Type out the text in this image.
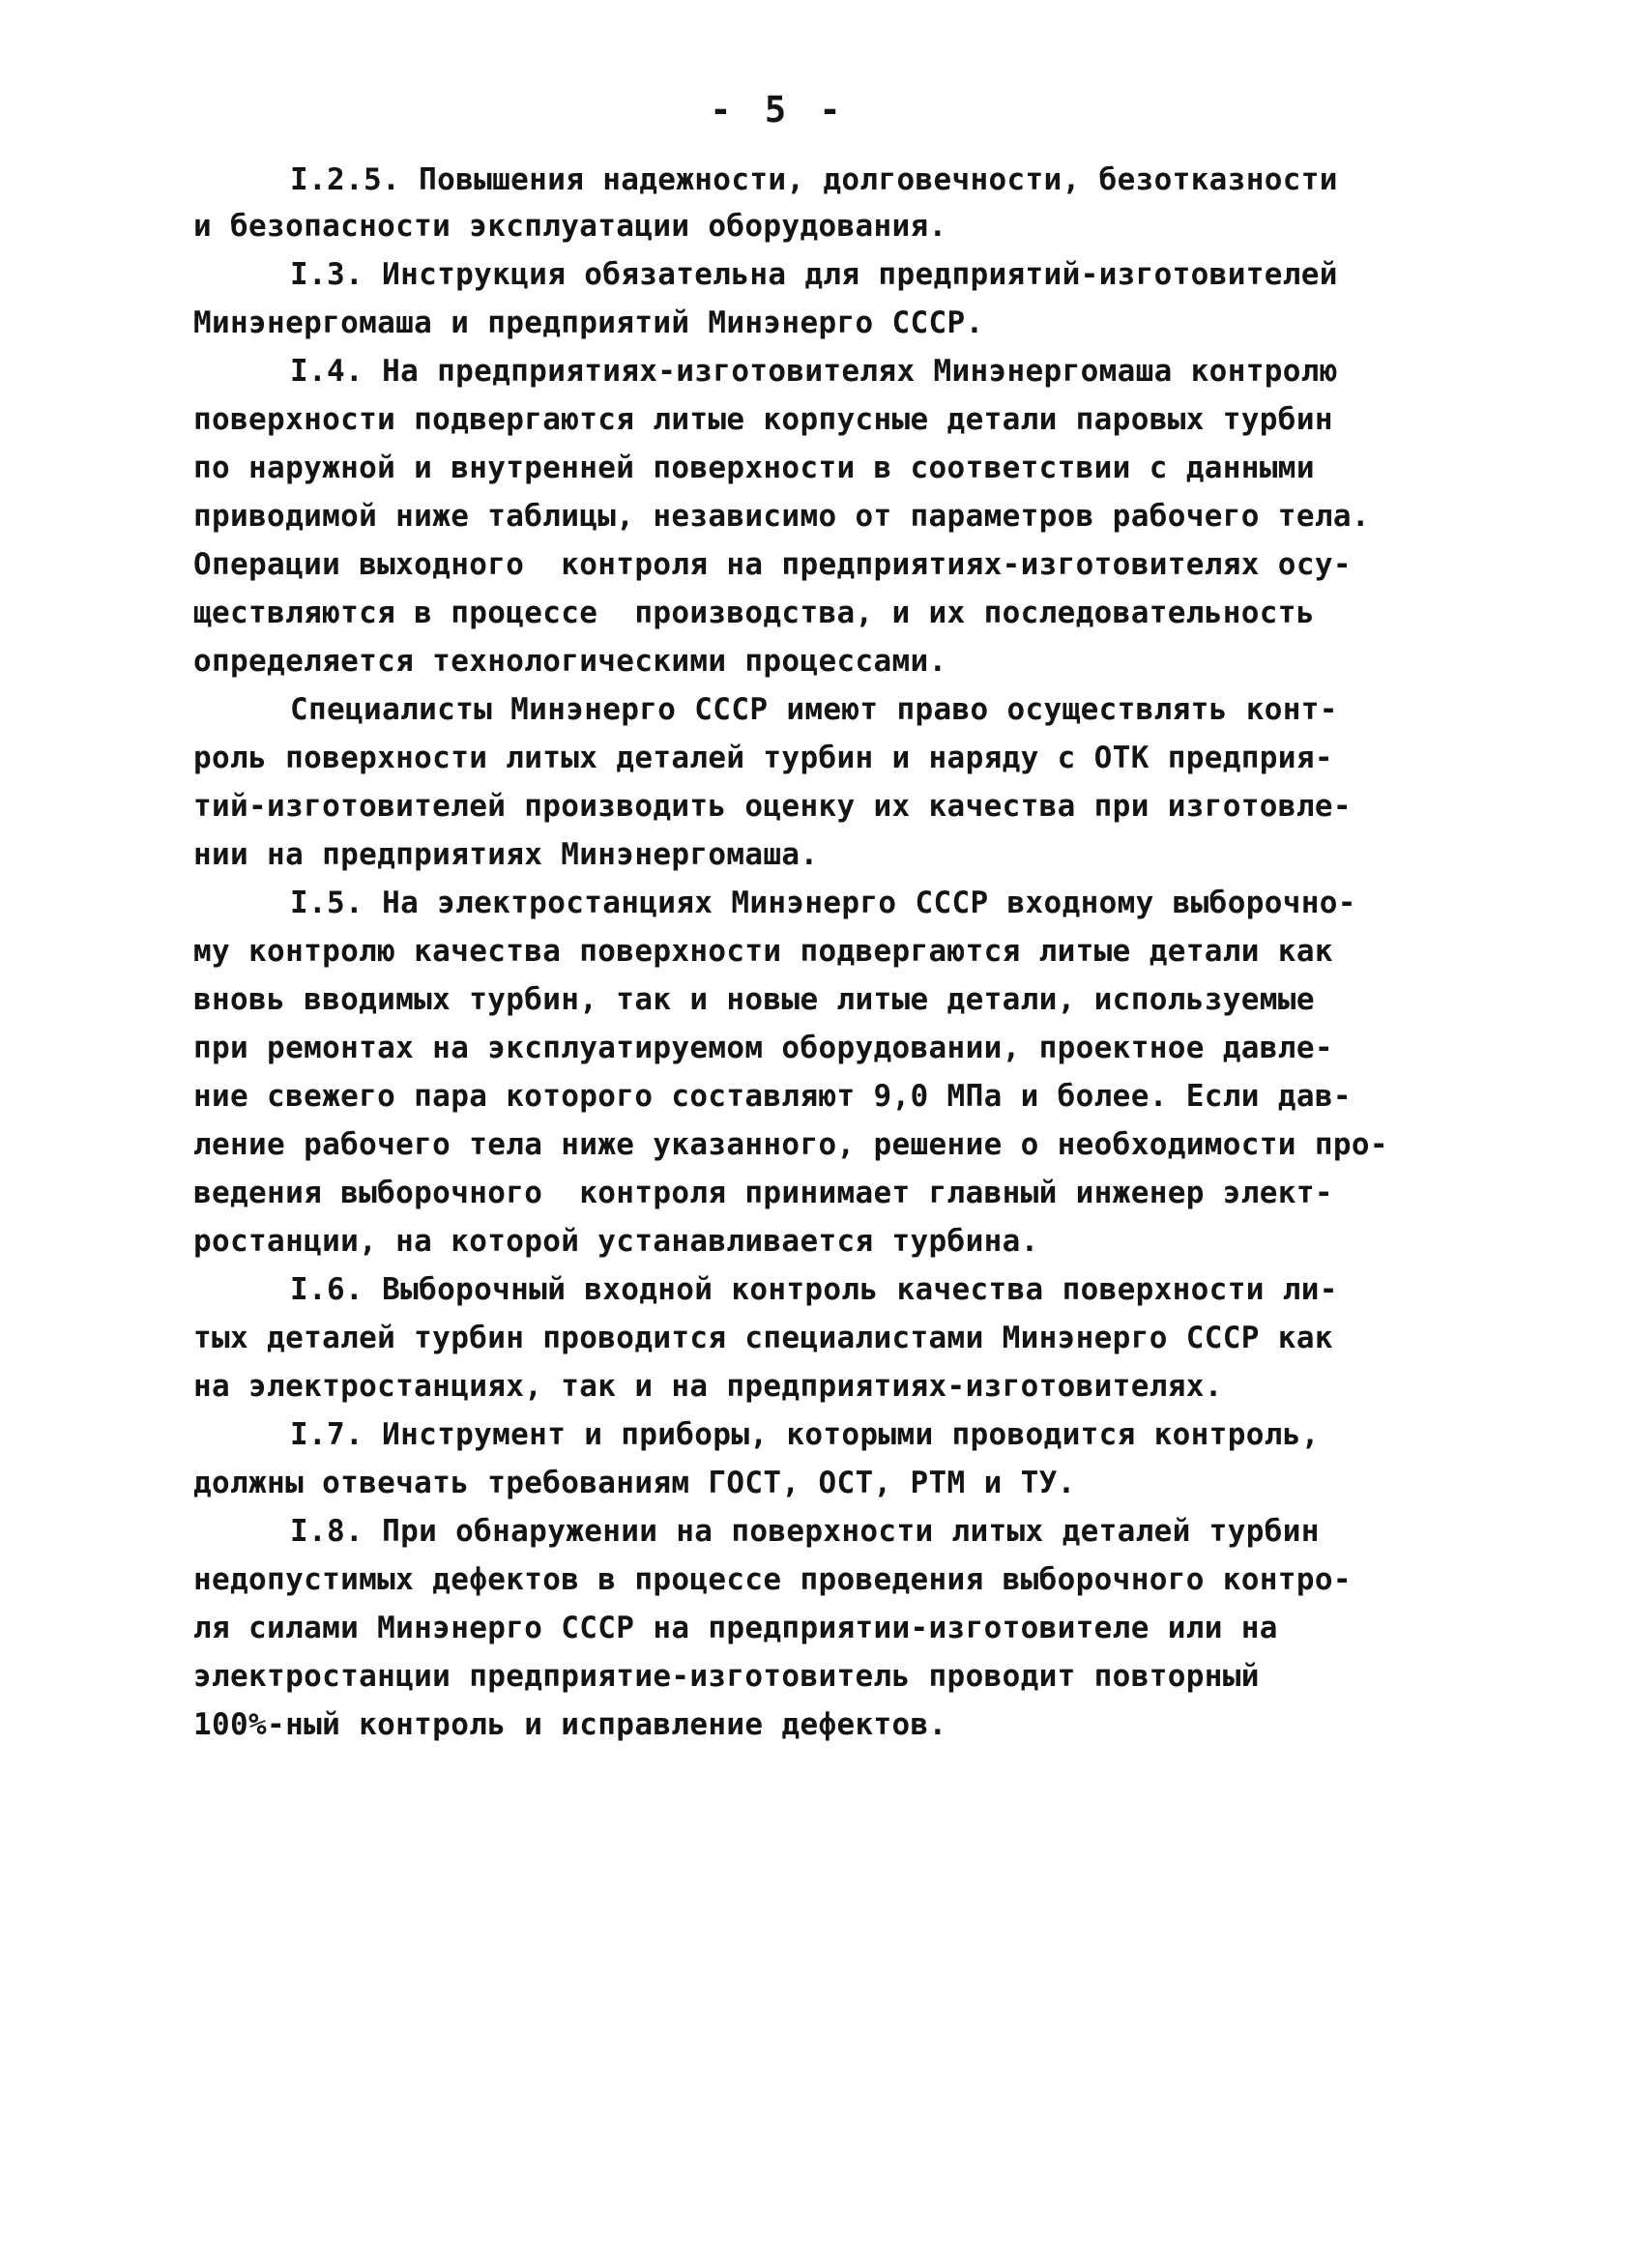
- 5 -
I.2.5. Повышения надежности, долговечности, безотказности
и безопасности эксплуатации оборудования.
I.3. Инструкция обязательна для предприятий-изготовителей
Минэнергомаша и предприятий Минэнерго СССР.
I.4. На предприятиях-изготовителях Минэнергомаша контролю
поверхности подвергаются литые корпусные детали паровых турбин
по наружной и внутренней поверхности в соответствии с данными
приводимой ниже таблицы, независимо от параметров рабочего тела.
Операции выходного  контроля на предприятиях-изготовителях осу-
ществляются в процессе  производства, и их последовательность
определяется технологическими процессами.
Специалисты Минэнерго СССР имеют право осуществлять конт-
роль поверхности литых деталей турбин и наряду с ОТК предприя-
тий-изготовителей производить оценку их качества при изготовле-
нии на предприятиях Минэнергомаша.
I.5. На электростанциях Минэнерго СССР входному выборочно-
му контролю качества поверхности подвергаются литые детали как
вновь вводимых турбин, так и новые литые детали, используемые
при ремонтах на эксплуатируемом оборудовании, проектное давле-
ние свежего пара которого составляют 9,0 МПа и более. Если дав-
ление рабочего тела ниже указанного, решение о необходимости про-
ведения выборочного  контроля принимает главный инженер элект-
ростанции, на которой устанавливается турбина.
I.6. Выборочный входной контроль качества поверхности ли-
тых деталей турбин проводится специалистами Минэнерго СССР как
на электростанциях, так и на предприятиях-изготовителях.
I.7. Инструмент и приборы, которыми проводится контроль,
должны отвечать требованиям ГОСТ, ОСТ, РТМ и ТУ.
I.8. При обнаружении на поверхности литых деталей турбин
недопустимых дефектов в процессе проведения выборочного контро-
ля силами Минэнерго СССР на предприятии-изготовителе или на
электростанции предприятие-изготовитель проводит повторный
100%-ный контроль и исправление дефектов.
